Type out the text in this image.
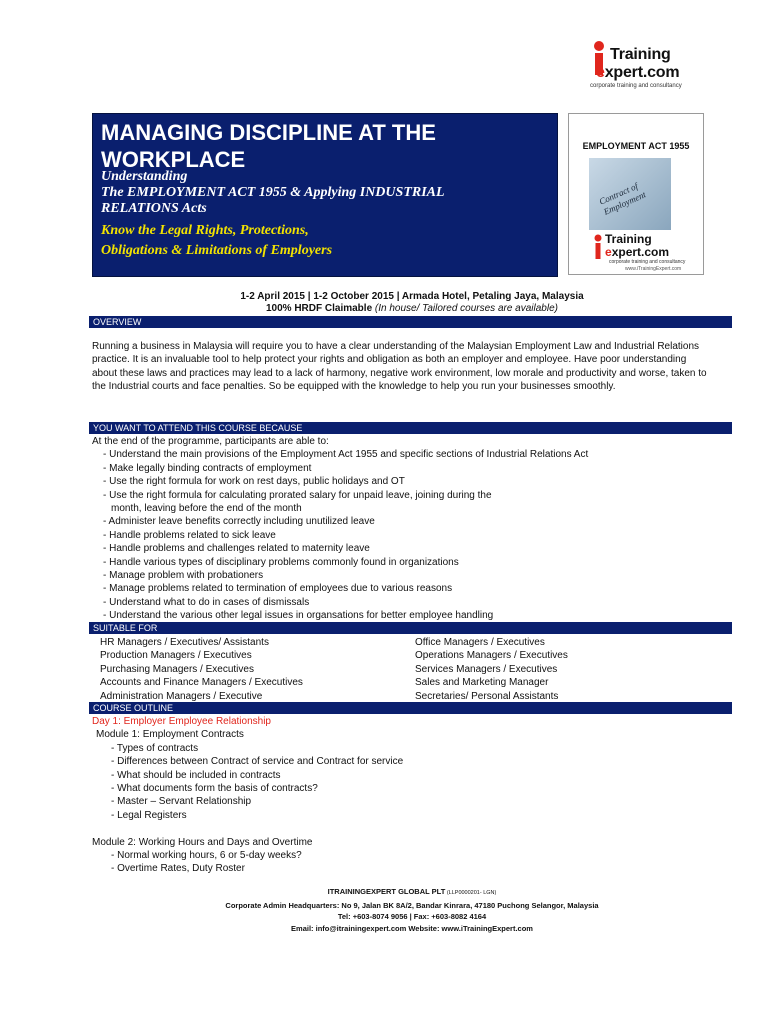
Training
expert.com
corporate training and consultancy
MANAGING DISCIPLINE AT THE WORKPLACE
Understanding
The EMPLOYMENT ACT 1955 & Applying INDUSTRIAL
RELATIONS Acts
Know the Legal Rights, Protections,
Obligations & Limitations of Employers
EMPLOYMENT ACT 1955
Contract of Employment
Training
expert.com
corporate training and consultancy
www.iTrainingExpert.com
1-2 April 2015 | 1-2 October 2015 | Armada Hotel, Petaling Jaya, Malaysia
100% HRDF Claimable (In house/ Tailored courses are available)
OVERVIEW
Running a business in Malaysia will require you to have a clear understanding of the Malaysian Employment Law and Industrial Relations practice. It is an invaluable tool to help protect your rights and obligation as both an employer and employee. Have poor understanding about these laws and practices may lead to a lack of harmony, negative work environment, low morale and productivity and worse, taken to the Industrial courts and face penalties. So be equipped with the knowledge to help you run your businesses smoothly.
YOU WANT TO ATTEND THIS COURSE BECAUSE
At the end of the programme, participants are able to:
- Understand the main provisions of the Employment Act 1955 and specific sections of Industrial Relations Act
- Make legally binding contracts of employment
- Use the right formula for work on rest days, public holidays and OT
- Use the right formula for calculating prorated salary for unpaid leave, joining during the
month, leaving before the end of the month
- Administer leave benefits correctly including unutilized leave
- Handle problems related to sick leave
- Handle problems and challenges related to maternity leave
- Handle various types of disciplinary problems commonly found in organizations
- Manage problem with probationers
- Manage problems related to termination of employees due to various reasons
- Understand what to do in cases of dismissals
- Understand the various other legal issues in organsations for better employee handling
SUITABLE FOR
HR Managers / Executives/ Assistants	Office Managers / Executives
Production Managers / Executives	Operations Managers / Executives
Purchasing Managers / Executives	Services Managers / Executives
Accounts and Finance Managers / Executives	Sales and Marketing Manager
Administration Managers / Executive	Secretaries/ Personal Assistants
COURSE OUTLINE
Day 1: Employer Employee Relationship
Module 1: Employment Contracts
- Types of contracts
- Differences between Contract of service and Contract for service
- What should be included in contracts
- What documents form the basis of contracts?
- Master – Servant Relationship
- Legal Registers
Module 2: Working Hours and Days and Overtime
- Normal working hours, 6 or 5-day weeks?
- Overtime Rates, Duty Roster
ITRAININGEXPERT GLOBAL PLT (LLP0000201- LGN)
Corporate Admin Headquarters: No 9, Jalan BK 8A/2, Bandar Kinrara, 47180 Puchong Selangor, Malaysia
Tel: +603-8074 9056 | Fax: +603-8082 4164
Email: info@itrainingexpert.com Website: www.iTrainingExpert.com
